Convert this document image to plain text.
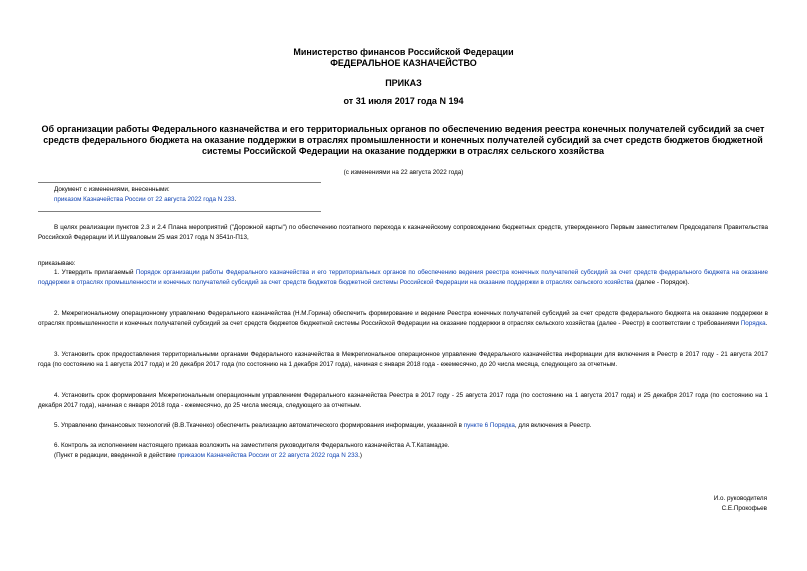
Министерство финансов Российской Федерации
ФЕДЕРАЛЬНОЕ КАЗНАЧЕЙСТВО
ПРИКАЗ
от 31 июля 2017 года N 194
Об организации работы Федерального казначейства и его территориальных органов по обеспечению ведения реестра конечных получателей субсидий за счет средств федерального бюджета на оказание поддержки в отраслях промышленности и конечных получателей субсидий за счет средств бюджетов бюджетной системы Российской Федерации на оказание поддержки в отраслях сельского хозяйства
(с изменениями на 22 августа 2022 года)
Документ с изменениями, внесенными:
приказом Казначейства России от 22 августа 2022 года N 233.
В целях реализации пунктов 2.3 и 2.4 Плана мероприятий ("Дорожной карты") по обеспечению поэтапного перехода к казначейскому сопровождению бюджетных средств, утвержденного Первым заместителем Председателя Правительства Российской Федерации И.И.Шуваловым 25 мая 2017 года N 3541п-П13,
приказываю:
1. Утвердить прилагаемый Порядок организации работы Федерального казначейства и его территориальных органов по обеспечению ведения реестра конечных получателей субсидий за счет средств федерального бюджета на оказание поддержки в отраслях промышленности и конечных получателей субсидий за счет средств бюджетов бюджетной системы Российской Федерации на оказание поддержки в отраслях сельского хозяйства (далее - Порядок).
2. Межрегиональному операционному управлению Федерального казначейства (Н.М.Горина) обеспечить формирование и ведение Реестра конечных получателей субсидий за счет средств федерального бюджета на оказание поддержки в отраслях промышленности и конечных получателей субсидий за счет средств бюджетов бюджетной системы Российской Федерации на оказание поддержки в отраслях сельского хозяйства (далее - Реестр) в соответствии с требованиями Порядка.
3. Установить срок предоставления территориальными органами Федерального казначейства в Межрегиональное операционное управление Федерального казначейства информации для включения в Реестр в 2017 году - 21 августа 2017 года (по состоянию на 1 августа 2017 года) и 20 декабря 2017 года (по состоянию на 1 декабря 2017 года), начиная с января 2018 года - ежемесячно, до 20 числа месяца, следующего за отчетным.
4. Установить срок формирования Межрегиональным операционным управлением Федерального казначейства Реестра в 2017 году - 25 августа 2017 года (по состоянию на 1 августа 2017 года) и 25 декабря 2017 года (по состоянию на 1 декабря 2017 года), начиная с января 2018 года - ежемесячно, до 25 числа месяца, следующего за отчетным.
5. Управлению финансовых технологий (В.В.Ткаченко) обеспечить реализацию автоматического формирования информации, указанной в пункте 6 Порядка, для включения в Реестр.
6. Контроль за исполнением настоящего приказа возложить на заместителя руководителя Федерального казначейства А.Т.Катамадзе.
(Пункт в редакции, введенной в действие приказом Казначейства России от 22 августа 2022 года N 233.)
И.о. руководителя
С.Е.Прокофьев
